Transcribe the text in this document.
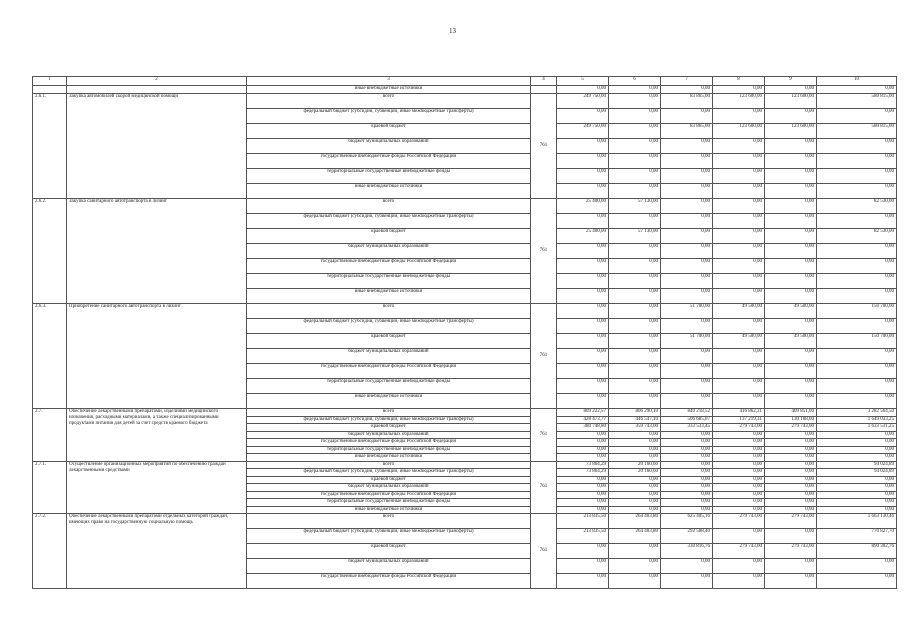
13
1	2	3	4	5	6	7	8	9	10
		иные внебюджетные источники		0,00	0,00	0,00	0,00	0,00	0,00
2.6.1.	Закупка автомобилей скорой медицинской помощи	всего	761	249 750,00	0,00	83 865,00	123 600,00	123 600,00	580 815,00
		федеральный бюджет (субсидии, субвенции, иные межбюджетные трансферты)		0,00	0,00	0,00	0,00	0,00	0,00
		краевой бюджет		249 750,00	0,00	83 865,00	123 600,00	123 600,00	580 815,00
		бюджет муниципальных образований		0,00	0,00	0,00	0,00	0,00	0,00
		государственные внебюджетные фонды Российской Федерации		0,00	0,00	0,00	0,00	0,00	0,00
		территориальные государственные внебюджетные фонды		0,00	0,00	0,00	0,00	0,00	0,00
		иные внебюджетные источники		0,00	0,00	0,00	0,00	0,00	0,00
2.6.2.	Закупка санитарного автотранспорта в лизинг	всего	761	25 400,00	57 130,00	0,00	0,00	0,00	82 530,00
		федеральный бюджет (субсидии, субвенции, иные межбюджетные трансферты)		0,00	0,00	0,00	0,00	0,00	0,00
		краевой бюджет		25 400,00	57 130,00	0,00	0,00	0,00	82 530,00
		бюджет муниципальных образований		0,00	0,00	0,00	0,00	0,00	0,00
		государственные внебюджетные фонды Российской Федерации		0,00	0,00	0,00	0,00	0,00	0,00
		территориальные государственные внебюджетные фонды		0,00	0,00	0,00	0,00	0,00	0,00
		иные внебюджетные источники		0,00	0,00	0,00	0,00	0,00	0,00
2.6.3.	Приобретение санитарного автотранспорта в лизинг	всего	761	0,00	0,00	51 700,00	49 500,00	49 500,00	150 700,00
		федеральный бюджет (субсидии, субвенции, иные межбюджетные трансферты)		0,00	0,00	0,00	0,00	0,00	0,00
		краевой бюджет		0,00	0,00	51 700,00	49 500,00	49 500,00	150 700,00
		бюджет муниципальных образований		0,00	0,00	0,00	0,00	0,00	0,00
		государственные внебюджетные фонды Российской Федерации		0,00	0,00	0,00	0,00	0,00	0,00
		территориальные государственные внебюджетные фонды		0,00	0,00	0,00	0,00	0,00	0,00
		иные внебюджетные источники		0,00	0,00	0,00	0,00	0,00	0,00
2.7.	Обеспечение лекарственными препаратами, изделиями медицинского назначения, расходными материалами, а также специализированными продуктами питания для детей за счет средств краевого бюджета	всего	761	809 222,57	806 290,10	840 218,52	416 862,31	409 851,00	3 282 564,50
		федеральный бюджет (субсидии, субвенции, иные межбюджетные трансферты)		428 473,77	446 547,10	506 685,07	137 219,31	130 108,00	1 649 033,25
		краевой бюджет		380 748,80	359 743,00	333 533,45	279 743,00	279 743,00	1 633 531,25
		бюджет муниципальных образований		0,00	0,00	0,00	0,00	0,00	0,00
		государственные внебюджетные фонды Российской Федерации		0,00	0,00	0,00	0,00	0,00	0,00
		территориальные государственные внебюджетные фонды		0,00	0,00	0,00	0,00	0,00	0,00
		иные внебюджетные источники		0,00	0,00	0,00	0,00	0,00	0,00
2.7.1.	Осуществление организационных мероприятий по обеспечению граждан лекарственными средствами	всего	761	73 864,29	20 160,60	0,00	0,00	0,00	94 024,89
		федеральный бюджет (субсидии, субвенции, иные межбюджетные трансферты)		73 864,29	20 160,60	0,00	0,00	0,00	94 024,89
		краевой бюджет		0,00	0,00	0,00	0,00	0,00	0,00
		бюджет муниципальных образований		0,00	0,00	0,00	0,00	0,00	0,00
		государственные внебюджетные фонды Российской Федерации		0,00	0,00	0,00	0,00	0,00	0,00
		территориальные государственные внебюджетные фонды		0,00	0,00	0,00	0,00	0,00	0,00
		иные внебюджетные источники		0,00	0,00	0,00	0,00	0,00	0,00
2.7.2.	Обеспечение лекарственными препаратами отдельных категорий граждан, имеющих право на государственную социальную помощь	всего	761	213 835,50	264 403,80	625 405,16	279 743,00	279 743,00	1 663 130,46
		федеральный бюджет (субсидии, субвенции, иные межбюджетные трансферты)		213 835,50	264 403,80	292 588,40	0,00	0,00	770 827,70
		краевой бюджет		0,00	0,00	330 816,76	279 743,00	279 743,00	890 302,76
		бюджет муниципальных образований		0,00	0,00	0,00	0,00	0,00	0,00
		государственные внебюджетные фонды Российской Федерации		0,00	0,00	0,00	0,00	0,00	0,00
